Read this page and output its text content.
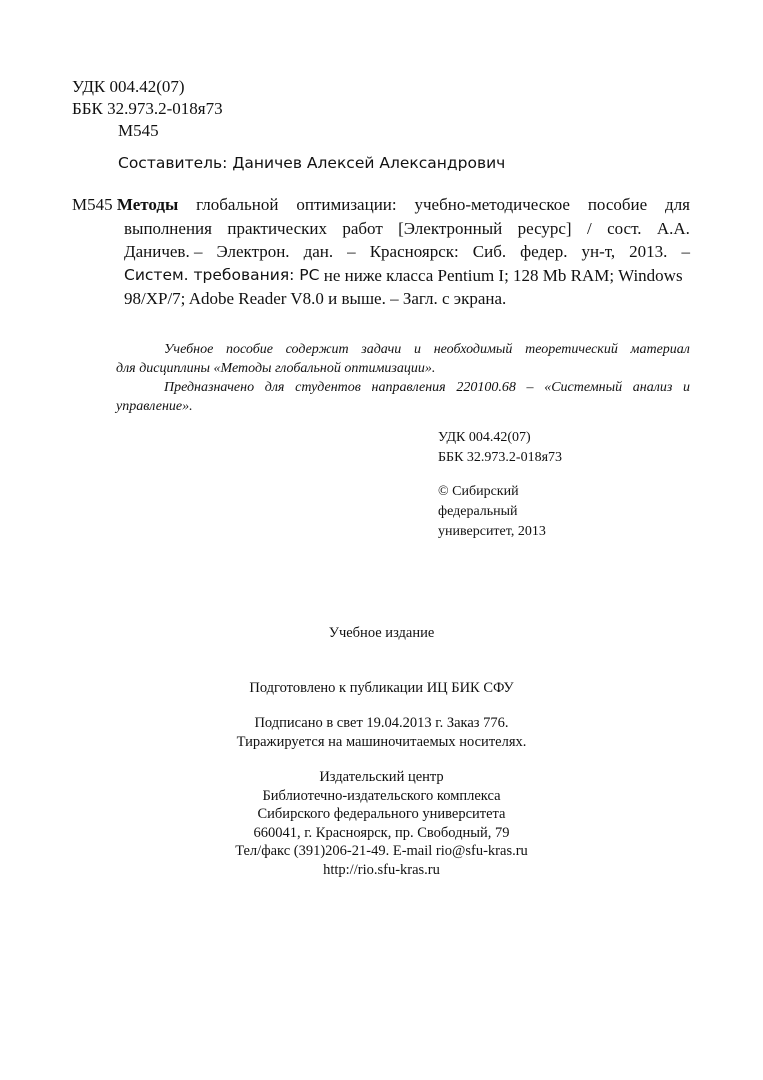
УДК 004.42(07)
ББК 32.973.2-018я73
М545
Составитель: Даничев Алексей Александрович
М545 Методы глобальной оптимизации: учебно-методическое пособие для
выполнения практических работ [Электронный ресурс] / сост. А.А.
Даничев. – Электрон. дан. – Красноярск: Сиб. федер. ун-т, 2013. –
Систем. требования: PC
не ниже класса Pentium I; 128 Mb RAM; Windows
98/XP/7; Adobe Reader V8.0 и выше. – Загл. с экрана.
Учебное пособие содержит задачи и необходимый теоретический материал
для дисциплины «Методы глобальной оптимизации».
Предназначено для студентов направления 220100.68 – «Системный анализ и
управление».
УДК 004.42(07)
ББК 32.973.2-018я73
© Сибирский
федеральный
университет, 2013
Учебное издание
Подготовлено к публикации ИЦ БИК СФУ
Подписано в свет 19.04.2013 г. Заказ 776.
Тиражируется на машиночитаемых носителях.
Издательский центр
Библиотечно-издательского комплекса
Сибирского федерального университета
660041, г. Красноярск, пр. Свободный, 79
Тел/факс (391)206-21-49. E-mail rio@sfu-kras.ru
http://rio.sfu-kras.ru
